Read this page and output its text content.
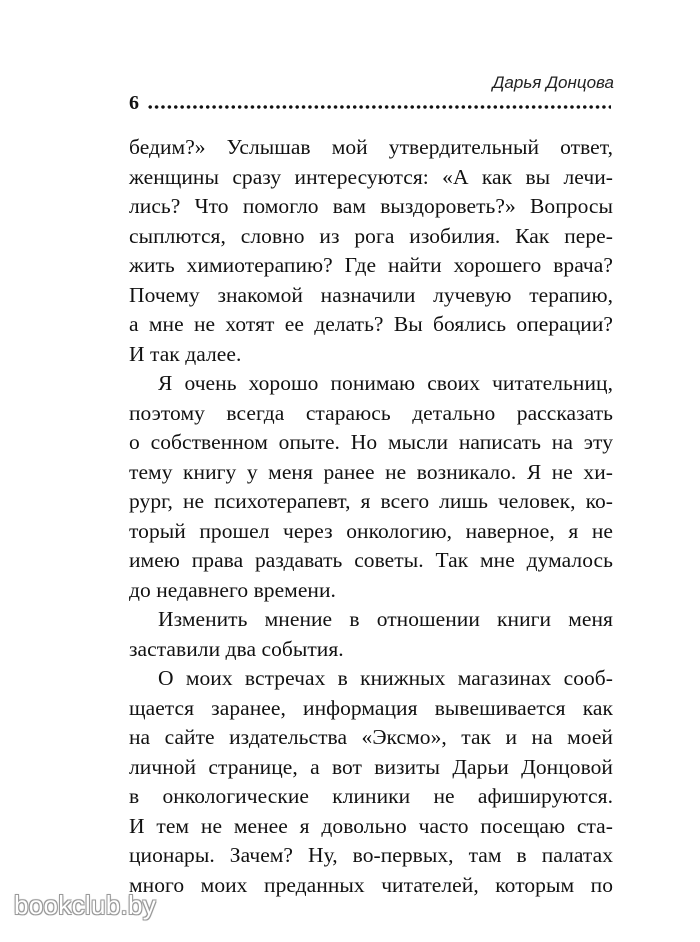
Дарья Донцова
6
бедим?» Услышав мой утвердительный ответ,
женщины сразу интересуются: «А как вы лечи-
лись? Что помогло вам выздороветь?» Вопросы
сыплются, словно из рога изобилия. Как пере-
жить химиотерапию? Где найти хорошего врача?
Почему знакомой назначили лучевую терапию,
а мне не хотят ее делать? Вы боялись операции?
И так далее.
Я очень хорошо понимаю своих читательниц,
поэтому всегда стараюсь детально рассказать
о собственном опыте. Но мысли написать на эту
тему книгу у меня ранее не возникало. Я не хи-
рург, не психотерапевт, я всего лишь человек, ко-
торый прошел через онкологию, наверное, я не
имею права раздавать советы. Так мне думалось
до недавнего времени.
Изменить мнение в отношении книги меня
заставили два события.
О моих встречах в книжных магазинах сооб-
щается заранее, информация вывешивается как
на сайте издательства «Эксмо», так и на моей
личной странице, а вот визиты Дарьи Донцовой
в онкологические клиники не афишируются.
И тем не менее я довольно часто посещаю ста-
ционары. Зачем? Ну, во-первых, там в палатах
много моих преданных читателей, которым по
bookclub.by
